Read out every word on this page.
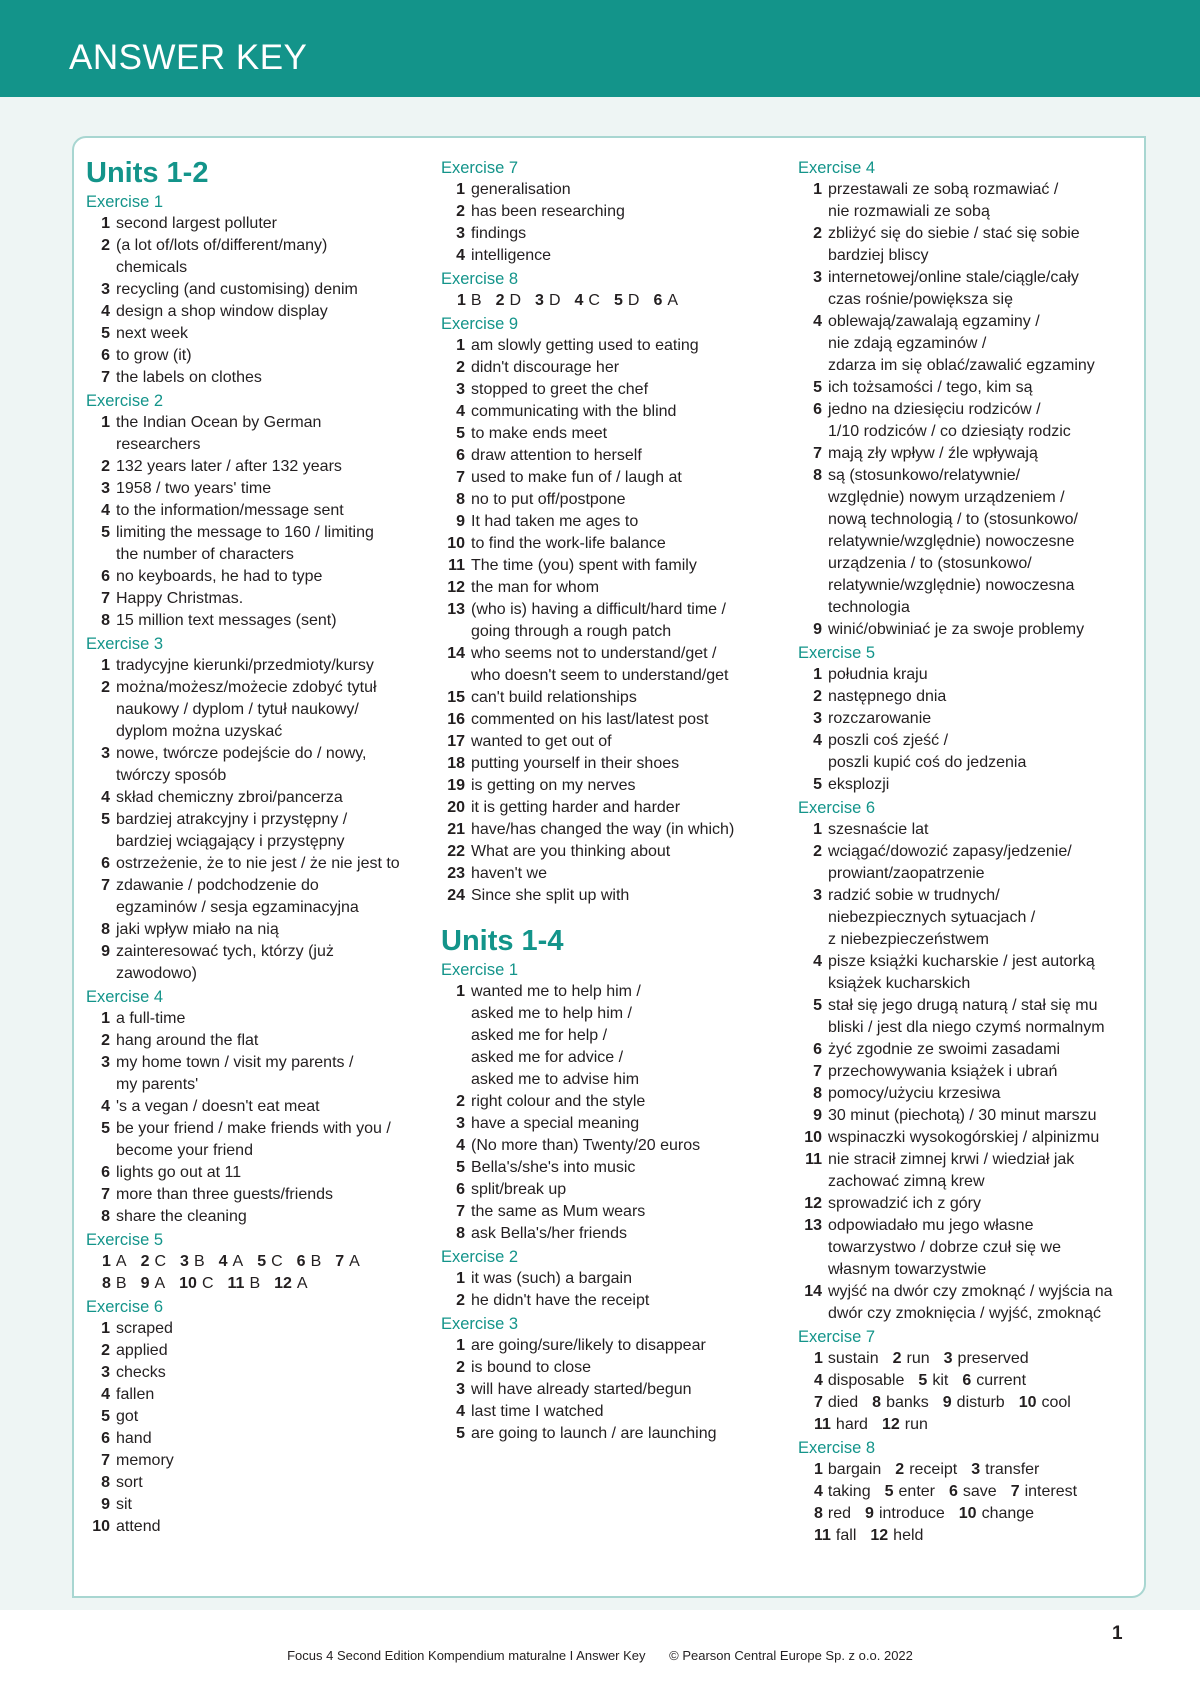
ANSWER KEY
Units 1-2
Exercise 1
1 second largest polluter
2 (a lot of/lots of/different/many)
chemicals
3 recycling (and customising) denim
4 design a shop window display
5 next week
6 to grow (it)
7 the labels on clothes
Exercise 2
1 the Indian Ocean by German
researchers
2 132 years later / after 132 years
3 1958 / two years' time
4 to the information/message sent
5 limiting the message to 160 / limiting
the number of characters
6 no keyboards, he had to type
7 Happy Christmas.
8 15 million text messages (sent)
Exercise 3
1 tradycyjne kierunki/przedmioty/kursy
2 można/możesz/możecie zdobyć tytuł
naukowy / dyplom / tytuł naukowy/
dyplom można uzyskać
3 nowe, twórcze podejście do / nowy,
twórczy sposób
4 skład chemiczny zbroi/pancerza
5 bardziej atrakcyjny i przystępny /
bardziej wciągający i przystępny
6 ostrzeżenie, że to nie jest / że nie jest to
7 zdawanie / podchodzenie do
egzaminów / sesja egzaminacyjna
8 jaki wpływ miało na nią
9 zainteresować tych, którzy (już
zawodowo)
Exercise 4
1 a full-time
2 hang around the flat
3 my home town / visit my parents /
my parents'
4 's a vegan / doesn't eat meat
5 be your friend / make friends with you /
become your friend
6 lights go out at 11
7 more than three guests/friends
8 share the cleaning
Exercise 5
1 A 2 C 3 B 4 A 5 C 6 B 7 A
8 B 9 A 10 C 11 B 12 A
Exercise 6
1 scraped
2 applied
3 checks
4 fallen
5 got
6 hand
7 memory
8 sort
9 sit
10 attend
Exercise 7
1 generalisation
2 has been researching
3 findings
4 intelligence
Exercise 8
1 B 2 D 3 D 4 C 5 D 6 A
Exercise 9
1 am slowly getting used to eating
2 didn't discourage her
3 stopped to greet the chef
4 communicating with the blind
5 to make ends meet
6 draw attention to herself
7 used to make fun of / laugh at
8 no to put off/postpone
9 It had taken me ages to
10 to find the work-life balance
11 The time (you) spent with family
12 the man for whom
13 (who is) having a difficult/hard time /
going through a rough patch
14 who seems not to understand/get /
who doesn't seem to understand/get
15 can't build relationships
16 commented on his last/latest post
17 wanted to get out of
18 putting yourself in their shoes
19 is getting on my nerves
20 it is getting harder and harder
21 have/has changed the way (in which)
22 What are you thinking about
23 haven't we
24 Since she split up with
Units 1-4
Exercise 1
1 wanted me to help him /
asked me to help him /
asked me for help /
asked me for advice /
asked me to advise him
2 right colour and the style
3 have a special meaning
4 (No more than) Twenty/20 euros
5 Bella's/she's into music
6 split/break up
7 the same as Mum wears
8 ask Bella's/her friends
Exercise 2
1 it was (such) a bargain
2 he didn't have the receipt
Exercise 3
1 are going/sure/likely to disappear
2 is bound to close
3 will have already started/begun
4 last time I watched
5 are going to launch / are launching
Exercise 4
1 przestawali ze sobą rozmawiać /
nie rozmawiali ze sobą
2 zbliżyć się do siebie / stać się sobie
bardziej bliscy
3 internetowej/online stale/ciągle/cały
czas rośnie/powiększa się
4 oblewają/zawalają egzaminy /
nie zdają egzaminów /
zdarza im się oblać/zawalić egzaminy
5 ich tożsamości / tego, kim są
6 jedno na dziesięciu rodziców /
1/10 rodziców / co dziesiąty rodzic
7 mają zły wpływ / źle wpływają
8 są (stosunkowo/relatywnie/
względnie) nowym urządzeniem /
nową technologią / to (stosunkowo/
relatywnie/względnie) nowoczesne
urządzenia / to (stosunkowo/
relatywnie/względnie) nowoczesna
technologia
9 winić/obwiniać je za swoje problemy
Exercise 5
1 południa kraju
2 następnego dnia
3 rozczarowanie
4 poszli coś zjeść /
poszli kupić coś do jedzenia
5 eksplozji
Exercise 6
1 szesnaście lat
2 wciągać/dowozić zapasy/jedzenie/
prowiant/zaopatrzenie
3 radzić sobie w trudnych/
niebezpiecznych sytuacjach /
z niebezpieczeństwem
4 pisze książki kucharskie / jest autorką
książek kucharskich
5 stał się jego drugą naturą / stał się mu
bliski / jest dla niego czymś normalnym
6 żyć zgodnie ze swoimi zasadami
7 przechowywania książek i ubrań
8 pomocy/użyciu krzesiwa
9 30 minut (piechotą) / 30 minut marszu
10 wspinaczki wysokogórskiej / alpinizmu
11 nie stracił zimnej krwi / wiedział jak
zachować zimną krew
12 sprowadzić ich z góry
13 odpowiadało mu jego własne
towarzystwo / dobrze czuł się we
własnym towarzystwie
14 wyjść na dwór czy zmoknąć / wyjścia na
dwór czy zmoknięcia / wyjść, zmoknąć
Exercise 7
1 sustain 2 run 3 preserved
4 disposable 5 kit 6 current
7 died 8 banks 9 disturb 10 cool
11 hard 12 run
Exercise 8
1 bargain 2 receipt 3 transfer
4 taking 5 enter 6 save 7 interest
8 red 9 introduce 10 change
11 fall 12 held
1
Focus 4 Second Edition Kompendium maturalne I Answer Key © Pearson Central Europe Sp. z o.o. 2022
